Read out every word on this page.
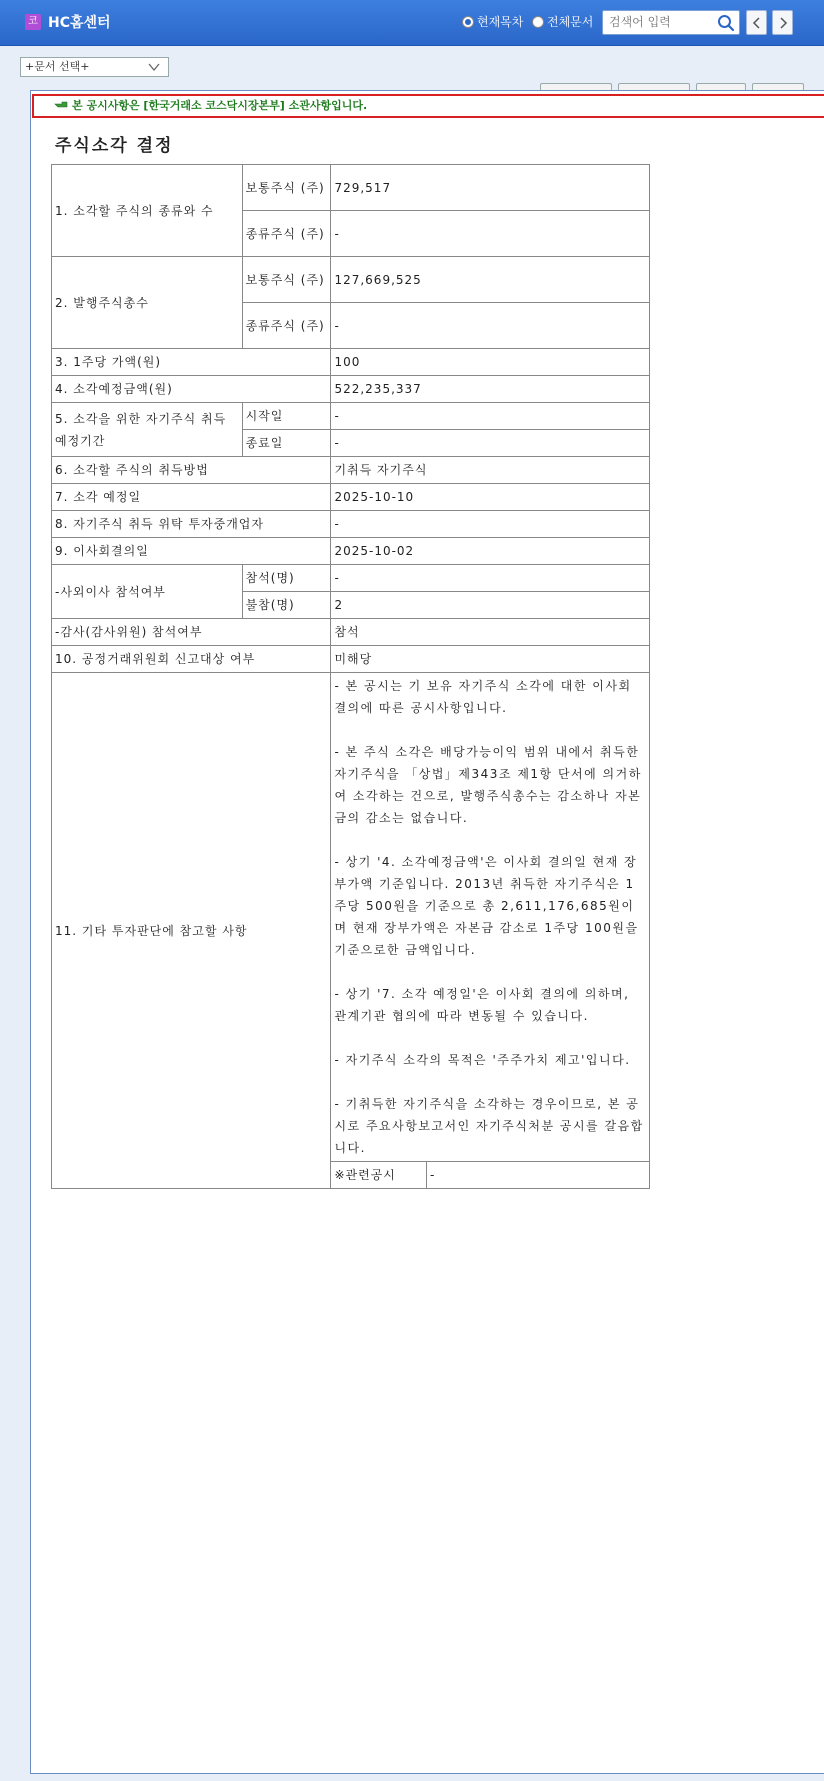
코 HC홈센터	현재목차 전체문서
검색어 입력
+문서 선택+
본 공시사항은 [한국거래소 코스닥시장본부] 소관사항입니다.
주식소각 결정
1. 소각할 주식의 종류와 수	보통주식 (주)	729,517
종류주식 (주)	-
2. 발행주식총수	보통주식 (주)	127,669,525
종류주식 (주)	-
3. 1주당 가액(원)	100
4. 소각예정금액(원)	522,235,337
5. 소각을 위한 자기주식 취득 예정기간	시작일	-
종료일	-
6. 소각할 주식의 취득방법	기취득 자기주식
7. 소각 예정일	2025-10-10
8. 자기주식 취득 위탁 투자중개업자	-
9. 이사회결의일	2025-10-02
-사외이사 참석여부	참석(명)	-
불참(명)	2
-감사(감사위원) 참석여부	참석
10. 공정거래위원회 신고대상 여부	미해당
11. 기타 투자판단에 참고할 사항	
- 본 공시는 기 보유 자기주식 소각에 대한 이사회 결의에 따른 공시사항입니다.

- 본 주식 소각은 배당가능이익 범위 내에서 취득한 자기주식을 「상법」제343조 제1항 단서에 의거하여 소각하는 건으로, 발행주식총수는 감소하나 자본금의 감소는 없습니다.

- 상기 '4. 소각예정금액'은 이사회 결의일 현재 장부가액 기준입니다. 2013년 취득한 자기주식은 1주당 500원을 기준으로 총 2,611,176,685원이며 현재 장부가액은 자본금 감소로 1주당 100원을 기준으로한 금액입니다.

- 상기 '7. 소각 예정일'은 이사회 결의에 의하며, 관계기관 협의에 따라 변동될 수 있습니다.

- 자기주식 소각의 목적은 '주주가치 제고'입니다.

- 기취득한 자기주식을 소각하는 경우이므로, 본 공시로 주요사항보고서인 자기주식처분 공시를 갈음합니다.

※관련공시	-
